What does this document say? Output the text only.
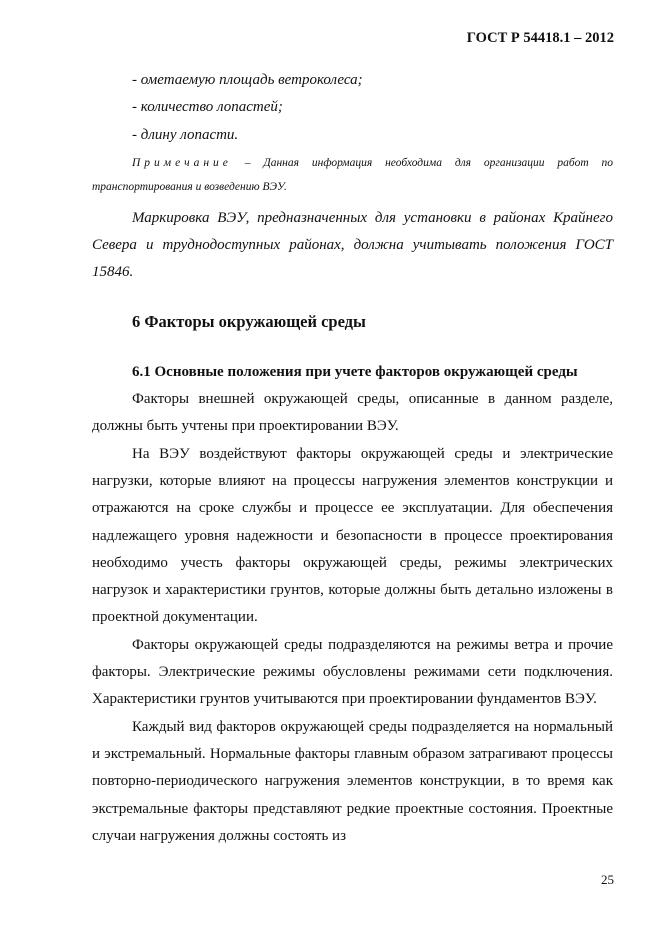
ГОСТ Р 54418.1 – 2012

- ометаемую площадь ветроколеса;

- количество лопастей;

- длину лопасти.

Примечание – Данная информация необходима для организации работ по транспортирования и возведению ВЭУ.

Маркировка ВЭУ, предназначенных для установки в районах Крайнего Севера и труднодоступных районах, должна учитывать положения ГОСТ 15846.

6 Факторы окружающей среды
6.1 Основные положения при учете факторов окружающей среды

Факторы внешней окружающей среды, описанные в данном разделе, должны быть учтены при проектировании ВЭУ.

На ВЭУ воздействуют факторы окружающей среды и электрические нагрузки, которые влияют на процессы нагружения элементов конструкции и отражаются на сроке службы и процессе ее эксплуатации. Для обеспечения надлежащего уровня надежности и безопасности в процессе проектирования необходимо учесть факторы окружающей среды, режимы электрических нагрузок и характеристики грунтов, которые должны быть детально изложены в проектной документации.

Факторы окружающей среды подразделяются на режимы ветра и прочие факторы. Электрические режимы обусловлены режимами сети подключения. Характеристики грунтов учитываются при проектировании фундаментов ВЭУ.

Каждый вид факторов окружающей среды подразделяется на нормальный и экстремальный. Нормальные факторы главным образом затрагивают процессы повторно-периодического нагружения элементов конструкции, в то время как экстремальные факторы представляют редкие проектные состояния. Проектные случаи нагружения должны состоять из

25
